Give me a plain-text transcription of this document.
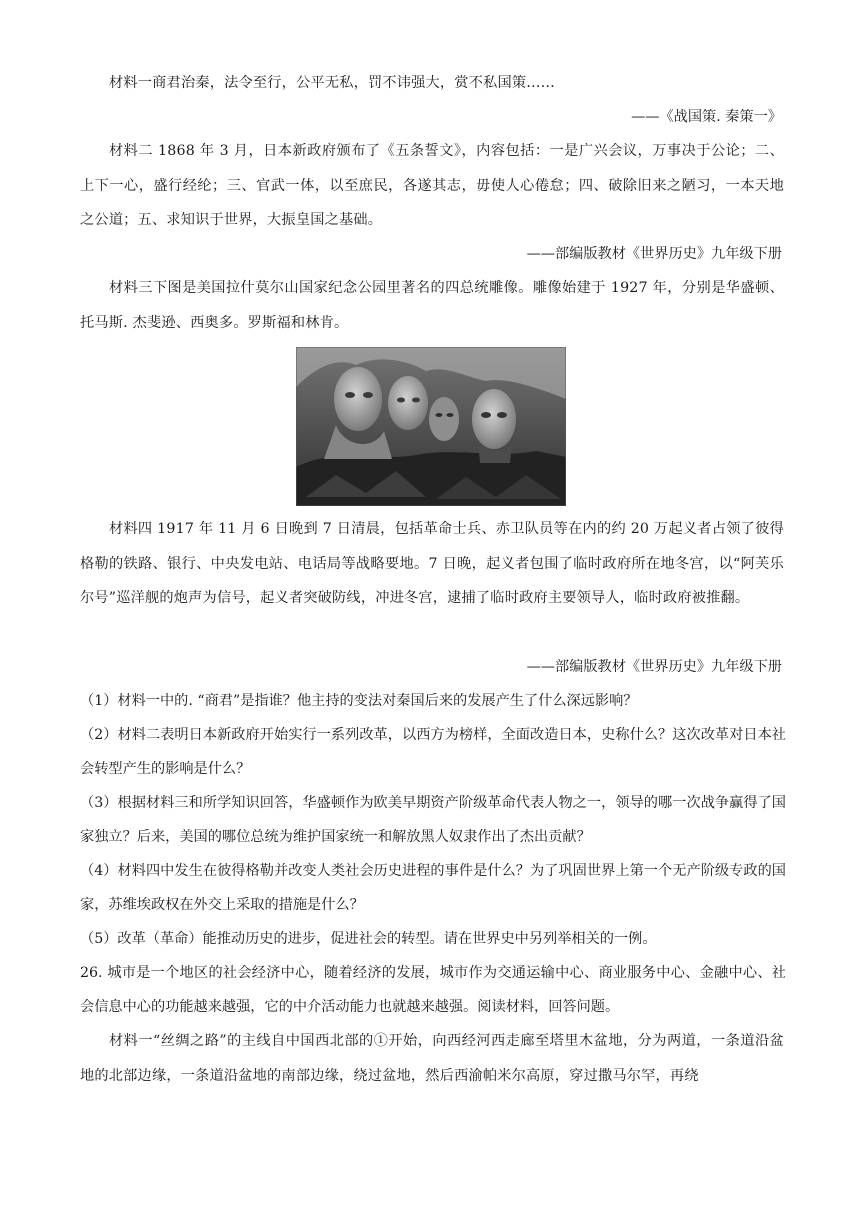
材料一商君治秦，法令至行，公平无私，罚不讳强大，赏不私国策……

——《战国策. 秦策一》

材料二 1868 年 3 月，日本新政府颁布了《五条誓文》，内容包括：一是广兴会议，万事决于公论；二、上下一心，盛行经纶；三、官武一体，以至庶民，各遂其志，毋使人心倦怠；四、破除旧来之陋习，一本天地之公道；五、求知识于世界，大振皇国之基础。

——部编版教材《世界历史》九年级下册

材料三下图是美国拉什莫尔山国家纪念公园里著名的四总统雕像。雕像始建于 1927 年，分别是华盛顿、托马斯. 杰斐逊、西奥多。罗斯福和林肯。

材料四 1917 年 11 月 6 日晚到 7 日清晨，包括革命士兵、赤卫队员等在内的约 20 万起义者占领了彼得格勒的铁路、银行、中央发电站、电话局等战略要地。7 日晚，起义者包围了临时政府所在地冬宫，以“阿芙乐尔号”巡洋舰的炮声为信号，起义者突破防线，冲进冬宫，逮捕了临时政府主要领导人，临时政府被推翻。

——部编版教材《世界历史》九年级下册

（1）材料一中的. “商君”是指谁？他主持的变法对秦国后来的发展产生了什么深远影响？

（2）材料二表明日本新政府开始实行一系列改革，以西方为榜样，全面改造日本，史称什么？这次改革对日本社会转型产生的影响是什么？

（3）根据材料三和所学知识回答，华盛顿作为欧美早期资产阶级革命代表人物之一，领导的哪一次战争赢得了国家独立？后来，美国的哪位总统为维护国家统一和解放黑人奴隶作出了杰出贡献？

（4）材料四中发生在彼得格勒并改变人类社会历史进程的事件是什么？为了巩固世界上第一个无产阶级专政的国家，苏维埃政权在外交上采取的措施是什么？

（5）改革（革命）能推动历史的进步，促进社会的转型。请在世界史中另列举相关的一例。

26. 城市是一个地区的社会经济中心，随着经济的发展，城市作为交通运输中心、商业服务中心、金融中心、社会信息中心的功能越来越强，它的中介活动能力也就越来越强。阅读材料，回答问题。

材料一“丝绸之路”的主线自中国西北部的①开始，向西经河西走廊至塔里木盆地，分为两道，一条道沿盆地的北部边缘，一条道沿盆地的南部边缘，绕过盆地，然后西渝帕米尔高原，穿过撒马尔罕，再绕
